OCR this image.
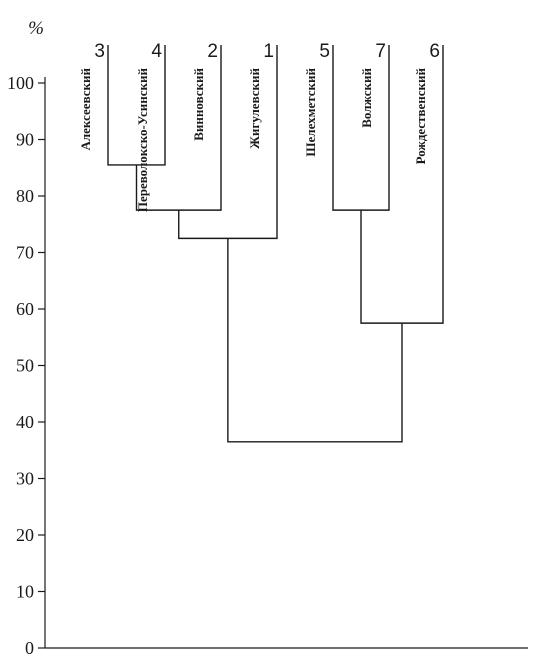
0
10
20
30
40
50
60
70
80
90
100
%
3
Алексеевский
4
Переволокско-Усинский
2
Винновский
1
Жигулевский
5
Шелехметский
7
Волжский
6
Рождественский
